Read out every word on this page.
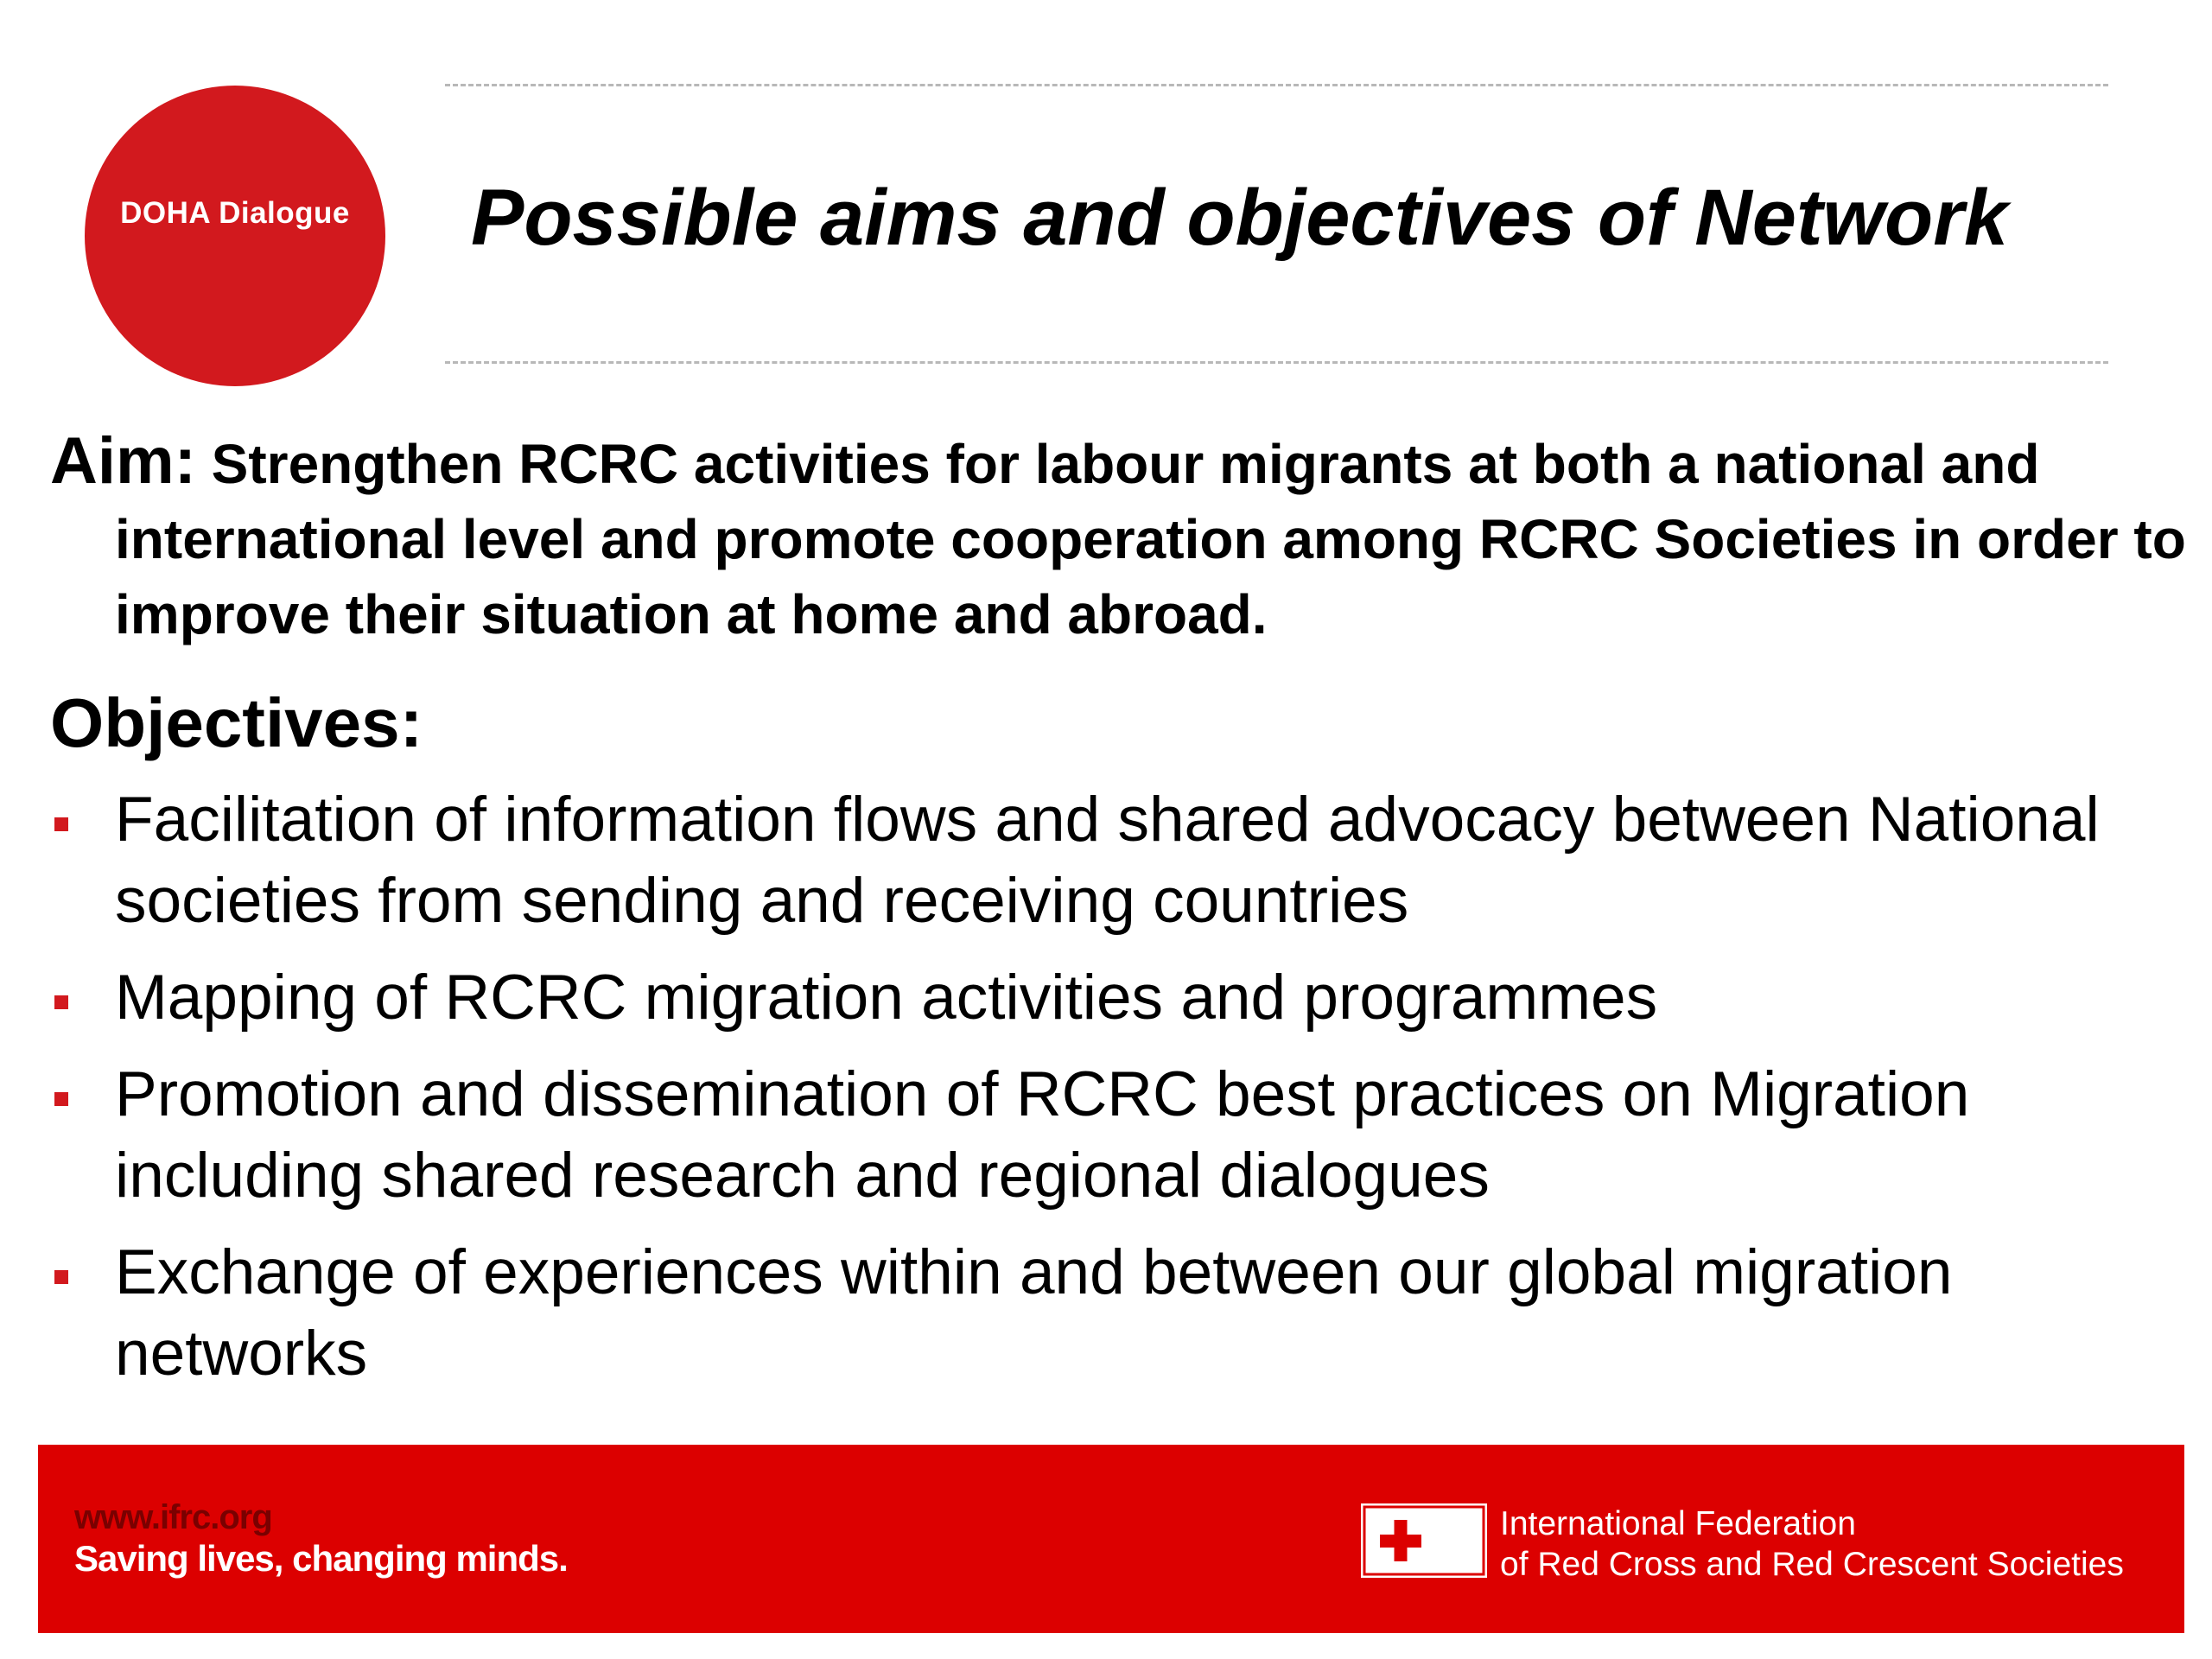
DOHA Dialogue	Possible aims and objectives of Network
Aim: Strengthen RCRC activities for labour migrants at both a national and international level and promote cooperation among RCRC Societies in order to improve their situation at home and abroad.
Objectives:
Facilitation of information flows and shared advocacy between National societies from sending and receiving countries
Mapping of RCRC migration activities and programmes
Promotion and dissemination of RCRC best practices on Migration including shared research and regional dialogues
Exchange of experiences within and between our global migration networks
www.ifrc.org
Saving lives, changing minds.
International Federation
of Red Cross and Red Crescent Societies
